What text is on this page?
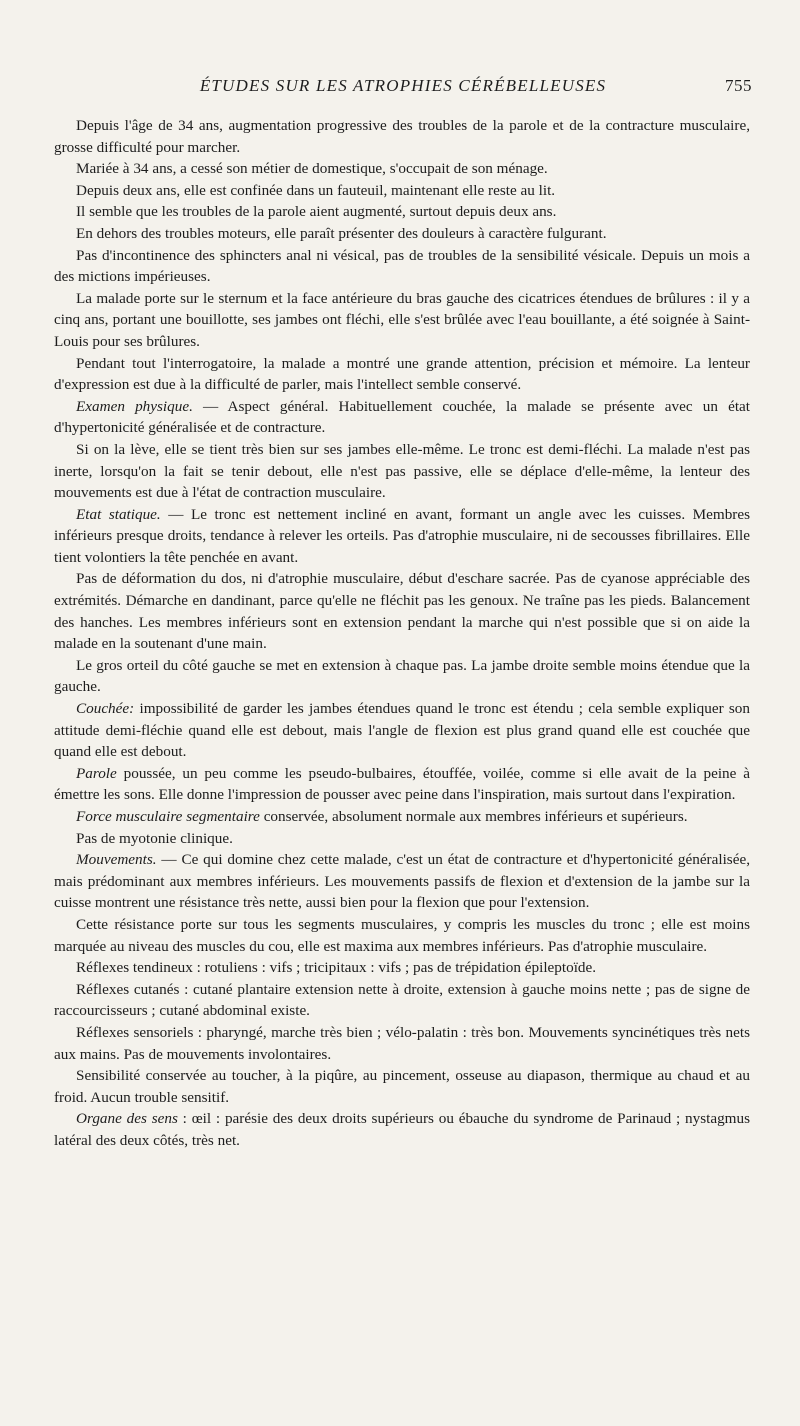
ÉTUDES SUR LES ATROPHIES CÉRÉBELLEUSES	755

Depuis l'âge de 34 ans, augmentation progressive des troubles de la parole et de la contracture musculaire, grosse difficulté pour marcher.

Mariée à 34 ans, a cessé son métier de domestique, s'occupait de son ménage.

Depuis deux ans, elle est confinée dans un fauteuil, maintenant elle reste au lit.

Il semble que les troubles de la parole aient augmenté, surtout depuis deux ans.

En dehors des troubles moteurs, elle paraît présenter des douleurs à caractère fulgurant.

Pas d'incontinence des sphincters anal ni vésical, pas de troubles de la sensibilité vésicale. Depuis un mois a des mictions impérieuses.

La malade porte sur le sternum et la face antérieure du bras gauche des cicatrices étendues de brûlures : il y a cinq ans, portant une bouillotte, ses jambes ont fléchi, elle s'est brûlée avec l'eau bouillante, a été soignée à Saint-Louis pour ses brûlures.

Pendant tout l'interrogatoire, la malade a montré une grande attention, précision et mémoire. La lenteur d'expression est due à la difficulté de parler, mais l'intellect semble conservé.

Examen physique. — Aspect général. Habituellement couchée, la malade se présente avec un état d'hypertonicité généralisée et de contracture.

Si on la lève, elle se tient très bien sur ses jambes elle-même. Le tronc est demi-fléchi. La malade n'est pas inerte, lorsqu'on la fait se tenir debout, elle n'est pas passive, elle se déplace d'elle-même, la lenteur des mouvements est due à l'état de contraction musculaire.

Etat statique. — Le tronc est nettement incliné en avant, formant un angle avec les cuisses. Membres inférieurs presque droits, tendance à relever les orteils. Pas d'atrophie musculaire, ni de secousses fibrillaires. Elle tient volontiers la tête penchée en avant.

Pas de déformation du dos, ni d'atrophie musculaire, début d'eschare sacrée. Pas de cyanose appréciable des extrémités. Démarche en dandinant, parce qu'elle ne fléchit pas les genoux. Ne traîne pas les pieds. Balancement des hanches. Les membres inférieurs sont en extension pendant la marche qui n'est possible que si on aide la malade en la soutenant d'une main.

Le gros orteil du côté gauche se met en extension à chaque pas. La jambe droite semble moins étendue que la gauche.

Couchée: impossibilité de garder les jambes étendues quand le tronc est étendu ; cela semble expliquer son attitude demi-fléchie quand elle est debout, mais l'angle de flexion est plus grand quand elle est couchée que quand elle est debout.

Parole poussée, un peu comme les pseudo-bulbaires, étouffée, voilée, comme si elle avait de la peine à émettre les sons. Elle donne l'impression de pousser avec peine dans l'inspiration, mais surtout dans l'expiration.

Force musculaire segmentaire conservée, absolument normale aux membres inférieurs et supérieurs.

Pas de myotonie clinique.

Mouvements. — Ce qui domine chez cette malade, c'est un état de contracture et d'hypertonicité généralisée, mais prédominant aux membres inférieurs. Les mouvements passifs de flexion et d'extension de la jambe sur la cuisse montrent une résistance très nette, aussi bien pour la flexion que pour l'extension.

Cette résistance porte sur tous les segments musculaires, y compris les muscles du tronc ; elle est moins marquée au niveau des muscles du cou, elle est maxima aux membres inférieurs. Pas d'atrophie musculaire.

Réflexes tendineux : rotuliens : vifs ; tricipitaux : vifs ; pas de trépidation épileptoïde.

Réflexes cutanés : cutané plantaire extension nette à droite, extension à gauche moins nette ; pas de signe de raccourcisseurs ; cutané abdominal existe.

Réflexes sensoriels : pharyngé, marche très bien ; vélo-palatin : très bon. Mouvements syncinétiques très nets aux mains. Pas de mouvements involontaires.

Sensibilité conservée au toucher, à la piqûre, au pincement, osseuse au diapason, thermique au chaud et au froid. Aucun trouble sensitif.

Organe des sens : œil : parésie des deux droits supérieurs ou ébauche du syndrome de Parinaud ; nystagmus latéral des deux côtés, très net.
